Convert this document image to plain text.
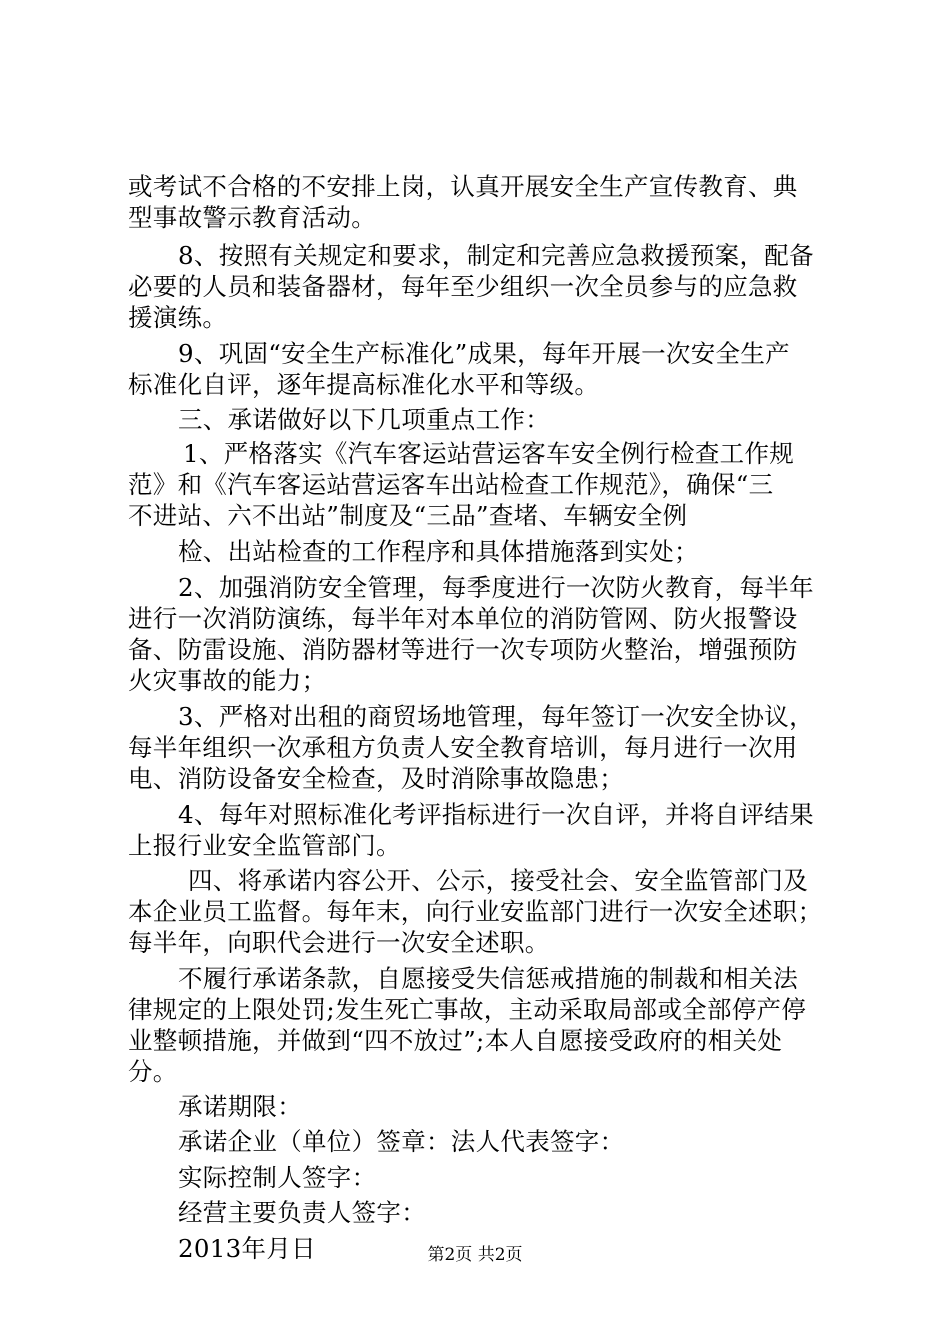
或考试不合格的不安排上岗，认真开展安全生产宣传教育、典
型事故警示教育活动。
8、按照有关规定和要求，制定和完善应急救援预案，配备
必要的人员和装备器材，每年至少组织一次全员参与的应急救
援演练。
9、巩固“安全生产标准化”成果，每年开展一次安全生产
标准化自评，逐年提高标准化水平和等级。
三、承诺做好以下几项重点工作：
1、严格落实《汽车客运站营运客车安全例行检查工作规
范》和《汽车客运站营运客车出站检查工作规范》，确保“三
不进站、六不出站”制度及“三品”查堵、车辆安全例
检、出站检查的工作程序和具体措施落到实处；
2、加强消防安全管理，每季度进行一次防火教育，每半年
进行一次消防演练，每半年对本单位的消防管网、防火报警设
备、防雷设施、消防器材等进行一次专项防火整治，增强预防
火灾事故的能力；
3、严格对出租的商贸场地管理，每年签订一次安全协议，
每半年组织一次承租方负责人安全教育培训，每月进行一次用
电、消防设备安全检查，及时消除事故隐患；
4、每年对照标准化考评指标进行一次自评，并将自评结果
上报行业安全监管部门。
四、将承诺内容公开、公示，接受社会、安全监管部门及
本企业员工监督。每年末，向行业安监部门进行一次安全述职；
每半年，向职代会进行一次安全述职。
不履行承诺条款，自愿接受失信惩戒措施的制裁和相关法
律规定的上限处罚;发生死亡事故，主动采取局部或全部停产停
业整顿措施，并做到“四不放过”;本人自愿接受政府的相关处
分。
承诺期限：
承诺企业（单位）签章：法人代表签字：
实际控制人签字：
经营主要负责人签字：
2013年月日	第2页 共2页
